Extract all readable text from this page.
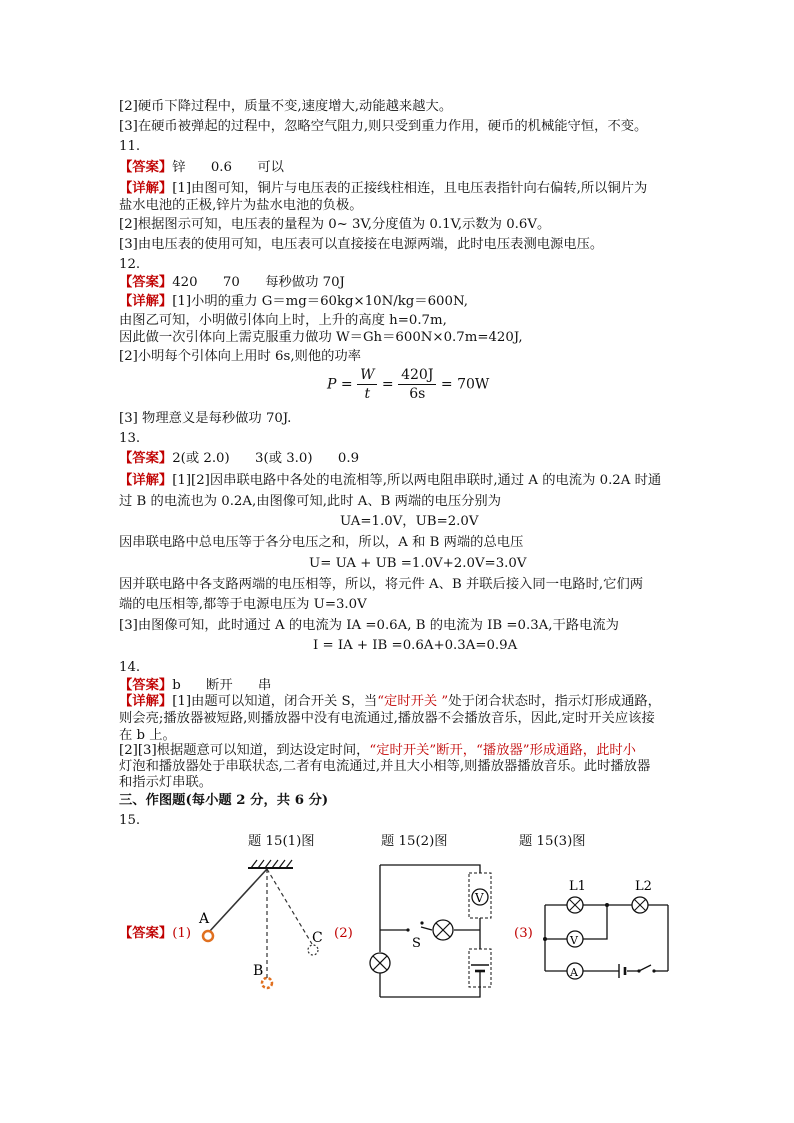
[2]硬币下降过程中，质量不变,速度增大,动能越来越大。
[3]在硬币被弹起的过程中，忽略空气阻力,则只受到重力作用，硬币的机械能守恒，不变。
11.
【答案】锌      0.6      可以
【详解】[1]由图可知，铜片与电压表的正接线柱相连，且电压表指针向右偏转,所以铜片为
盐水电池的正极,锌片为盐水电池的负极。
[2]根据图示可知，电压表的量程为 0~ 3V,分度值为 0.1V,示数为 0.6V。
[3]由电压表的使用可知，电压表可以直接接在电源两端，此时电压表测电源电压。
12.
【答案】420      70      每秒做功 70J
【详解】[1]小明的重力 G＝mg＝60kg×10N/kg＝600N,
由图乙可知，小明做引体向上时，上升的高度 h=0.7m,
因此做一次引体向上需克服重力做功 W＝Gh＝600N×0.7m=420J,
[2]小明每个引体向上用时 6s,则他的功率
$P = \frac{W}{t} = \frac{420J}{6s} = 70W$
[3] 物理意义是每秒做功 70J.
13.
【答案】2(或 2.0)      3(或 3.0)      0.9
【详解】[1][2]因串联电路中各处的电流相等,所以两电阻串联时,通过 A 的电流为 0.2A 时通
过 B 的电流也为 0.2A,由图像可知,此时 A、B 两端的电压分别为
UA=1.0V，UB=2.0V
因串联电路中总电压等于各分电压之和，所以，A 和 B 两端的总电压
U= UA + UB =1.0V+2.0V=3.0V
因并联电路中各支路两端的电压相等，所以，将元件 A、B 并联后接入同一电路时,它们两
端的电压相等,都等于电源电压为 U=3.0V
[3]由图像可知，此时通过 A 的电流为 IA =0.6A, B 的电流为 IB =0.3A,干路电流为
I = IA + IB =0.6A+0.3A=0.9A
14.
【答案】b      断开      串
【详解】[1]由题可以知道，闭合开关 S，当“定时开关 ”处于闭合状态时，指示灯形成通路，
则会亮;播放器被短路,则播放器中没有电流通过,播放器不会播放音乐，因此,定时开关应该接
在 b 上。
[2][3]根据题意可以知道，到达设定时间，“定时开关”断开，“播放器”形成通路，此时小
灯泡和播放器处于串联状态,二者有电流通过,并且大小相等,则播放器播放音乐。此时播放器
和指示灯串联。
三、作图题(每小题 2 分，共 6 分)
15.
题 15(1)图	题 15(2)图	题 15(3)图
【答案】(1)	(2)	(3)
A
B
C	S
V
L1	L2
V
A
